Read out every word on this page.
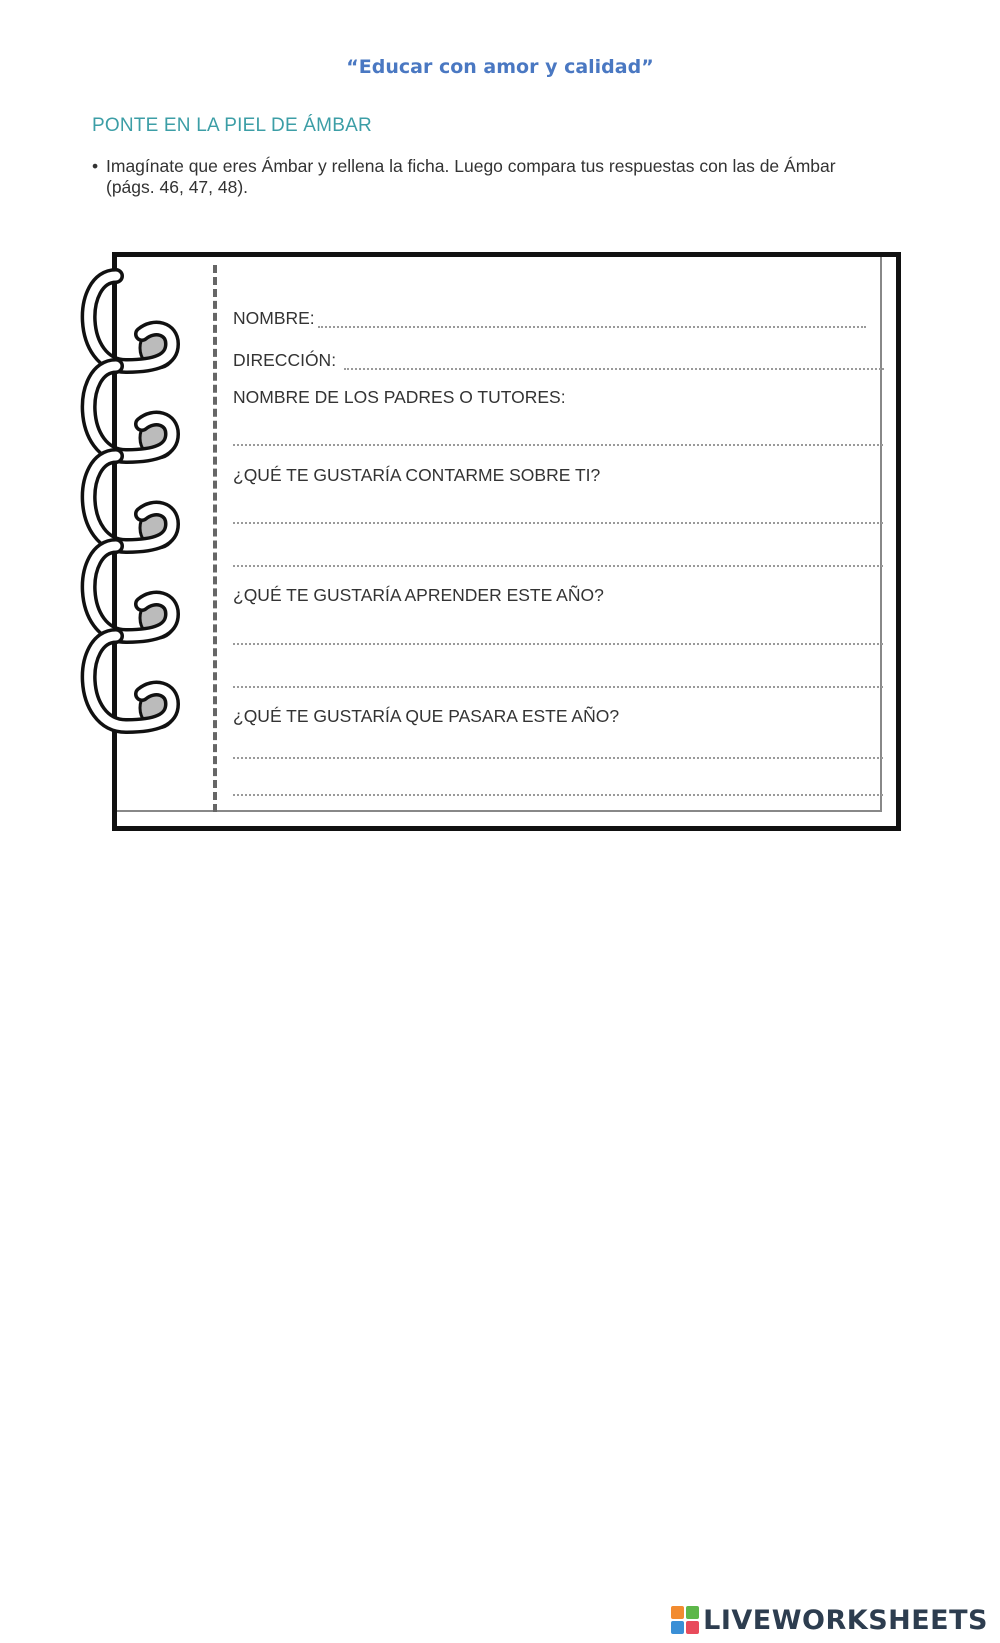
“Educar con amor y calidad”
PONTE EN LA PIEL DE ÁMBAR
• Imagínate que eres Ámbar y rellena la ficha. Luego compara tus respuestas con las de Ámbar (págs. 46, 47, 48).
NOMBRE:
DIRECCIÓN:
NOMBRE DE LOS PADRES O TUTORES:
¿QUÉ TE GUSTARÍA CONTARME SOBRE TI?
¿QUÉ TE GUSTARÍA APRENDER ESTE AÑO?
¿QUÉ TE GUSTARÍA QUE PASARA ESTE AÑO?
LIVEWORKSHEETS
